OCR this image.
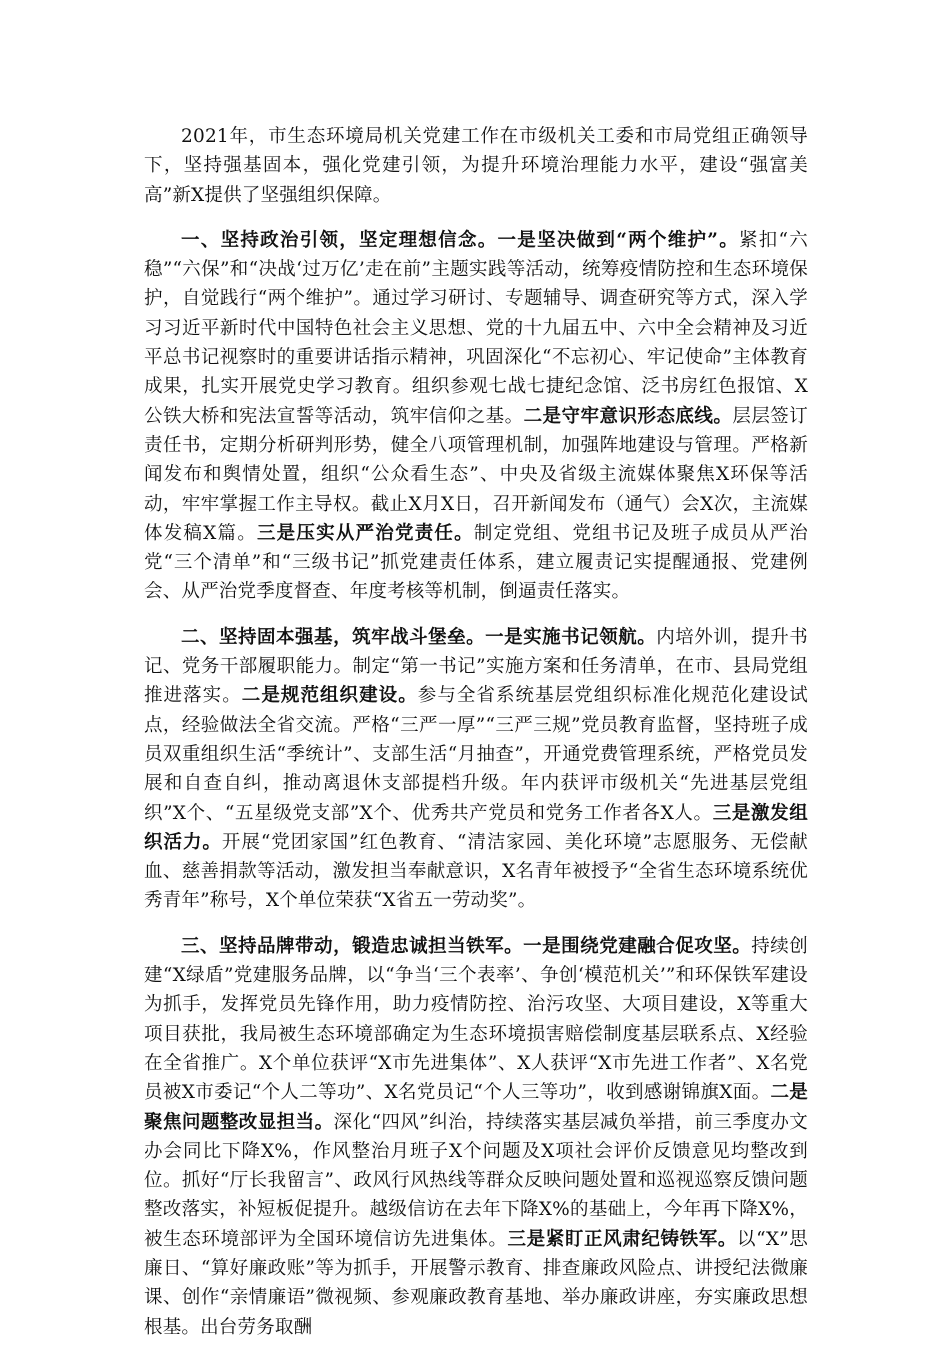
2021年，市生态环境局机关党建工作在市级机关工委和市局党组正确领导下，坚持强基固本，强化党建引领，为提升环境治理能力水平，建设“强富美高”新X提供了坚强组织保障。

一、坚持政治引领，坚定理想信念。一是坚决做到“两个维护”。紧扣“六稳”“六保”和“决战‘过万亿’走在前”主题实践等活动，统筹疫情防控和生态环境保护，自觉践行“两个维护”。通过学习研讨、专题辅导、调查研究等方式，深入学习习近平新时代中国特色社会主义思想、党的十九届五中、六中全会精神及习近平总书记视察时的重要讲话指示精神，巩固深化“不忘初心、牢记使命”主体教育成果，扎实开展党史学习教育。组织参观七战七捷纪念馆、泛书房红色报馆、X公铁大桥和宪法宣誓等活动，筑牢信仰之基。二是守牢意识形态底线。层层签订责任书，定期分析研判形势，健全八项管理机制，加强阵地建设与管理。严格新闻发布和舆情处置，组织“公众看生态”、中央及省级主流媒体聚焦X环保等活动，牢牢掌握工作主导权。截止X月X日，召开新闻发布（通气）会X次，主流媒体发稿X篇。三是压实从严治党责任。制定党组、党组书记及班子成员从严治党“三个清单”和“三级书记”抓党建责任体系，建立履责记实提醒通报、党建例会、从严治党季度督查、年度考核等机制，倒逼责任落实。

二、坚持固本强基，筑牢战斗堡垒。一是实施书记领航。内培外训，提升书记、党务干部履职能力。制定“第一书记”实施方案和任务清单，在市、县局党组推进落实。二是规范组织建设。参与全省系统基层党组织标准化规范化建设试点，经验做法全省交流。严格“三严一厚”“三严三规”党员教育监督，坚持班子成员双重组织生活“季统计”、支部生活“月抽查”，开通党费管理系统，严格党员发展和自查自纠，推动离退休支部提档升级。年内获评市级机关“先进基层党组织”X个、“五星级党支部”X个、优秀共产党员和党务工作者各X人。三是激发组织活力。开展“党团家国”红色教育、“清洁家园、美化环境”志愿服务、无偿献血、慈善捐款等活动，激发担当奉献意识，X名青年被授予“全省生态环境系统优秀青年”称号，X个单位荣获“X省五一劳动奖”。

三、坚持品牌带动，锻造忠诚担当铁军。一是围绕党建融合促攻坚。持续创建“X绿盾”党建服务品牌，以“争当‘三个表率’、争创‘模范机关’”和环保铁军建设为抓手，发挥党员先锋作用，助力疫情防控、治污攻坚、大项目建设，X等重大项目获批，我局被生态环境部确定为生态环境损害赔偿制度基层联系点、X经验在全省推广。X个单位获评“X市先进集体”、X人获评“X市先进工作者”、X名党员被X市委记“个人二等功”、X名党员记“个人三等功”，收到感谢锦旗X面。二是聚焦问题整改显担当。深化“四风”纠治，持续落实基层减负举措，前三季度办文办会同比下降X%，作风整治月班子X个问题及X项社会评价反馈意见均整改到位。抓好“厅长我留言”、政风行风热线等群众反映问题处置和巡视巡察反馈问题整改落实，补短板促提升。越级信访在去年下降X%的基础上，今年再下降X%，被生态环境部评为全国环境信访先进集体。三是紧盯正风肃纪铸铁军。以“X”思廉日、“算好廉政账”等为抓手，开展警示教育、排查廉政风险点、讲授纪法微廉课、创作“亲情廉语”微视频、参观廉政教育基地、举办廉政讲座，夯实廉政思想根基。出台劳务取酬
